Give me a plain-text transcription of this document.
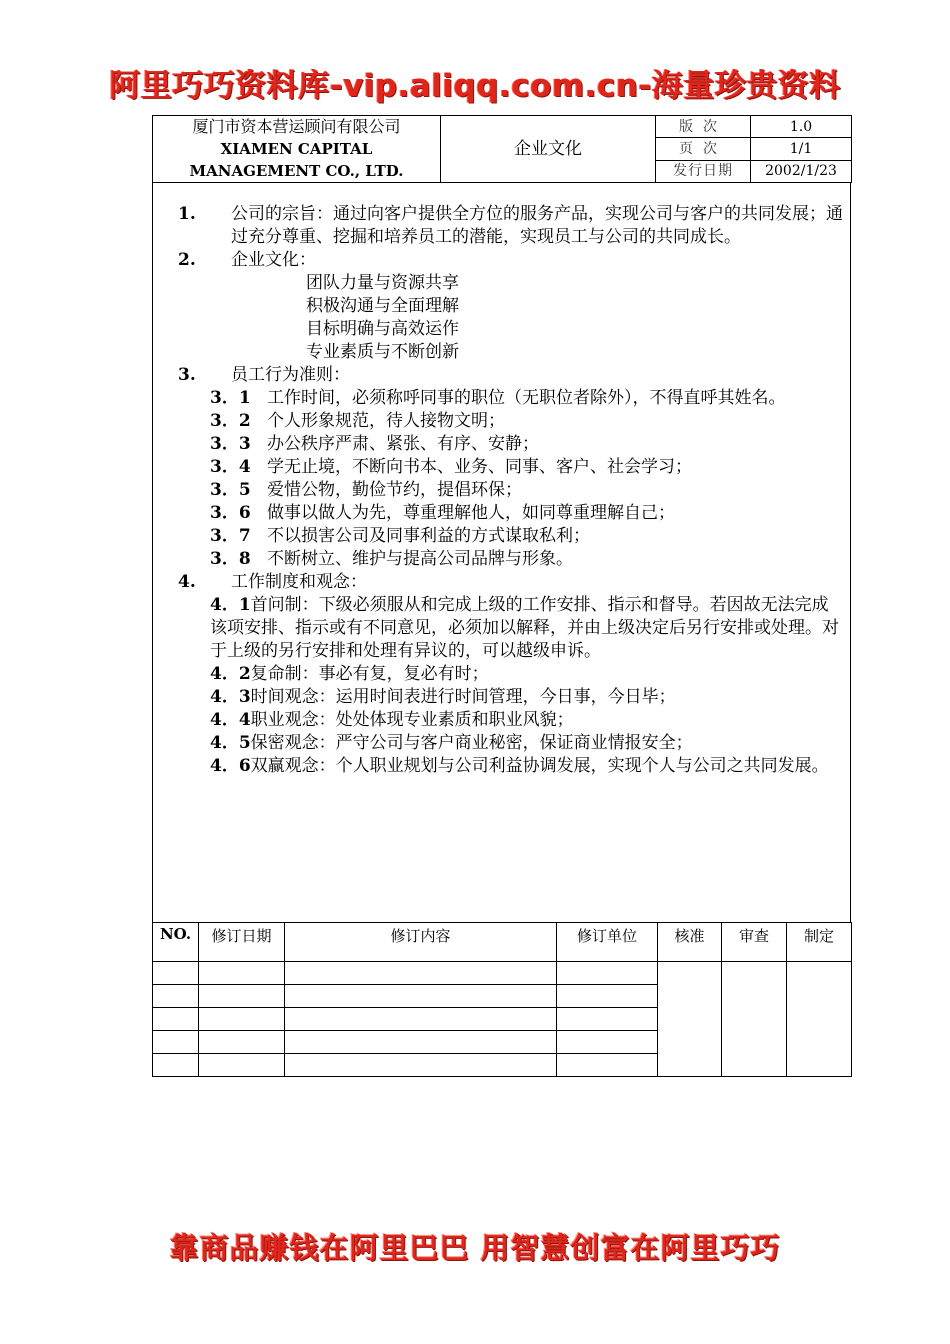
阿里巧巧资料库-vip.aliqq.com.cn-海量珍贵资料
厦门市资本营运顾问有限公司
XIAMEN CAPITAL
MANAGEMENT CO., LTD.	企业文化	版次	1.0
		页次	1/1
		发行日期	2002/1/23
1. 公司的宗旨：通过向客户提供全方位的服务产品，实现公司与客户的共同发展；通过充分尊重、挖掘和培养员工的潜能，实现员工与公司的共同成长。
2. 企业文化：
团队力量与资源共享
积极沟通与全面理解
目标明确与高效运作
专业素质与不断创新
3. 员工行为准则：
3．1 工作时间，必须称呼同事的职位（无职位者除外），不得直呼其姓名。
3．2 个人形象规范，待人接物文明；
3．3 办公秩序严肃、紧张、有序、安静；
3．4 学无止境，不断向书本、业务、同事、客户、社会学习；
3．5 爱惜公物，勤俭节约，提倡环保；
3．6 做事以做人为先，尊重理解他人，如同尊重理解自己；
3．7 不以损害公司及同事利益的方式谋取私利；
3．8 不断树立、维护与提高公司品牌与形象。
4. 工作制度和观念：
4．1首问制：下级必须服从和完成上级的工作安排、指示和督导。若因故无法完成该项安排、指示或有不同意见，必须加以解释，并由上级决定后另行安排或处理。对于上级的另行安排和处理有异议的，可以越级申诉。
4．2复命制：事必有复，复必有时；
4．3时间观念：运用时间表进行时间管理，今日事，今日毕；
4．4职业观念：处处体现专业素质和职业风貌；
4．5保密观念：严守公司与客户商业秘密，保证商业情报安全；
4．6双赢观念：个人职业规划与公司利益协调发展，实现个人与公司之共同发展。
NO.	修订日期	修订内容	修订单位	核准	审查	制定

靠商品赚钱在阿里巴巴 用智慧创富在阿里巧巧
